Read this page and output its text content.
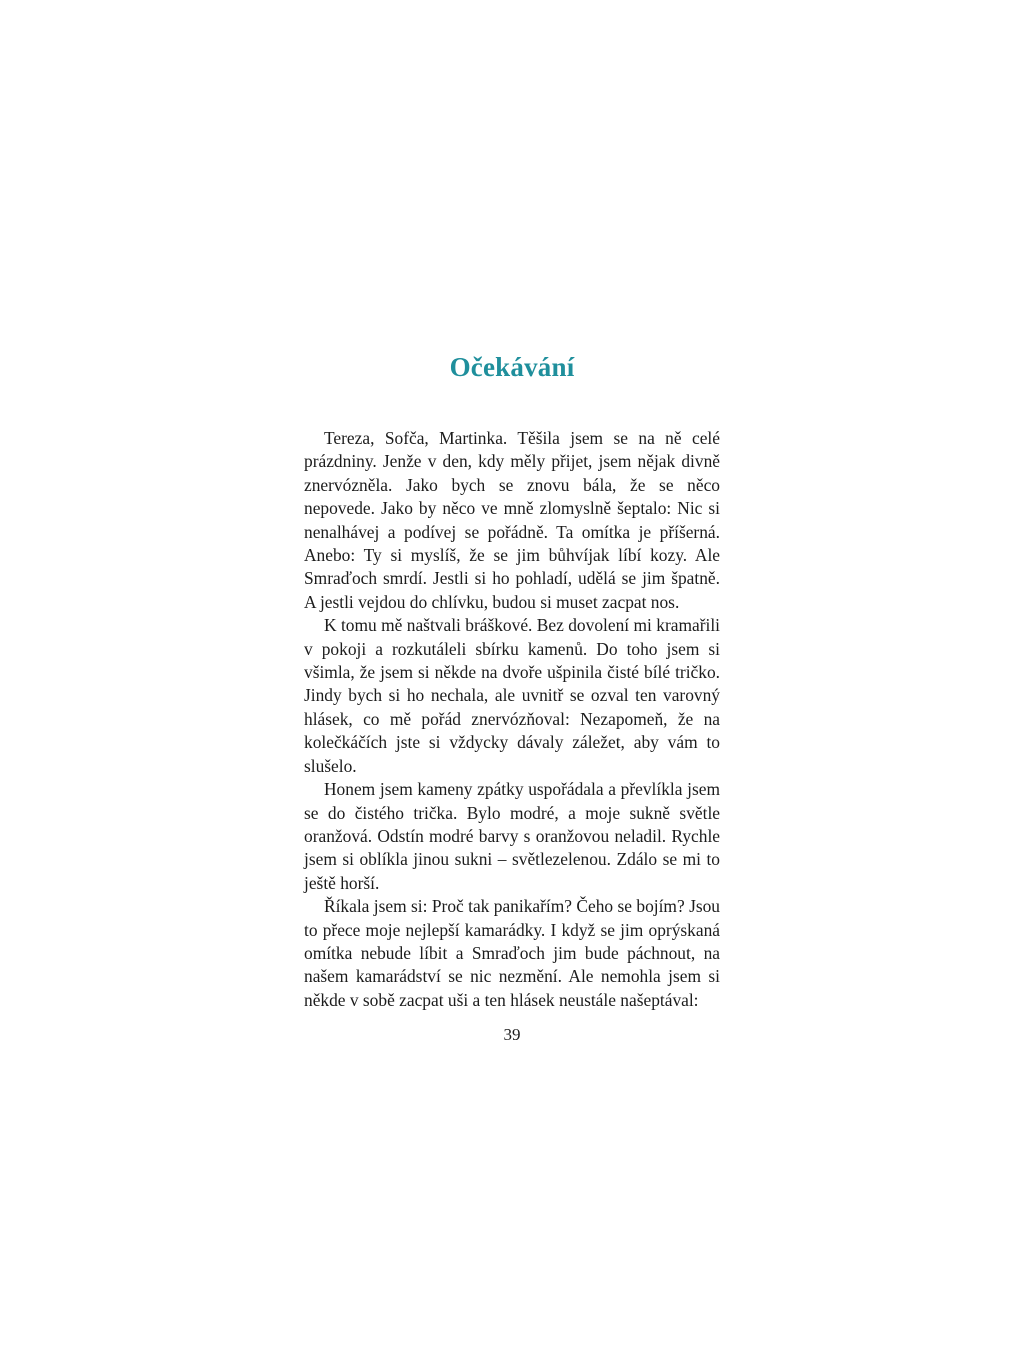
Očekávání

Tereza, Sofča, Martinka. Těšila jsem se na ně celé prázdniny. Jenže v den, kdy měly přijet, jsem nějak divně znervózněla. Jako bych se znovu bála, že se něco nepovede. Jako by něco ve mně zlomyslně šeptalo: Nic si nenalhávej a podívej se pořádně. Ta omítka je příšerná. Anebo: Ty si myslíš, že se jim bůhvíjak líbí kozy. Ale Smraďoch smrdí. Jestli si ho pohladí, udělá se jim špatně. A jestli vejdou do chlívku, budou si muset zacpat nos.

K tomu mě naštvali bráškové. Bez dovolení mi kramařili v pokoji a rozkutáleli sbírku kamenů. Do toho jsem si všimla, že jsem si někde na dvoře ušpinila čisté bílé tričko. Jindy bych si ho nechala, ale uvnitř se ozval ten varovný hlásek, co mě pořád znervózňoval: Nezapomeň, že na kolečkáčích jste si vždycky dávaly záležet, aby vám to slušelo.

Honem jsem kameny zpátky uspořádala a převlíkla jsem se do čistého trička. Bylo modré, a moje sukně světle oranžová. Odstín modré barvy s oranžovou neladil. Rychle jsem si oblíkla jinou sukni – světlezelenou. Zdálo se mi to ještě horší.

Říkala jsem si: Proč tak panikařím? Čeho se bojím? Jsou to přece moje nejlepší kamarádky. I když se jim oprýskaná omítka nebude líbit a Smraďoch jim bude páchnout, na našem kamarádství se nic nezmění. Ale nemohla jsem si někde v sobě zacpat uši a ten hlásek neustále našeptával:

39
